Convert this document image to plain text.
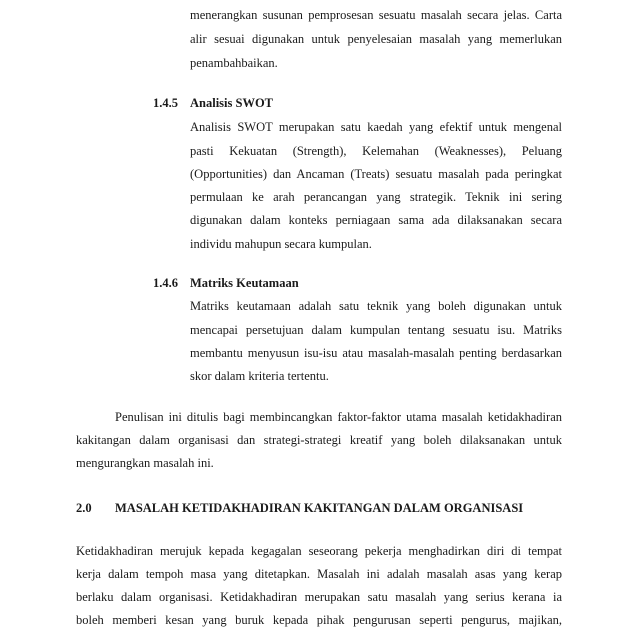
menerangkan susunan pemprosesan sesuatu masalah secara jelas. Carta
alir sesuai digunakan untuk penyelesaian masalah yang memerlukan
penambahbaikan.
1.4.5 Analisis SWOT
Analisis SWOT merupakan satu kaedah yang efektif untuk mengenal
pasti Kekuatan (Strength), Kelemahan (Weaknesses), Peluang
(Opportunities) dan Ancaman (Treats) sesuatu masalah pada peringkat
permulaan ke arah perancangan yang strategik. Teknik ini sering
digunakan dalam konteks perniagaan sama ada dilaksanakan secara
individu mahupun secara kumpulan.
1.4.6 Matriks Keutamaan
Matriks keutamaan adalah satu teknik yang boleh digunakan untuk
mencapai persetujuan dalam kumpulan tentang sesuatu isu. Matriks
membantu menyusun isu-isu atau masalah-masalah penting berdasarkan
skor dalam kriteria tertentu.
Penulisan ini ditulis bagi membincangkan faktor-faktor utama masalah ketidakhadiran
kakitangan dalam organisasi dan strategi-strategi kreatif yang boleh dilaksanakan untuk
mengurangkan masalah ini.
2.0 MASALAH KETIDAKHADIRAN KAKITANGAN DALAM ORGANISASI
Ketidakhadiran merujuk kepada kegagalan seseorang pekerja menghadirkan diri di tempat
kerja dalam tempoh masa yang ditetapkan. Masalah ini adalah masalah asas yang kerap
berlaku dalam organisasi. Ketidakhadiran merupakan satu masalah yang serius kerana ia
boleh memberi kesan yang buruk kepada pihak pengurusan seperti pengurus, majikan,
